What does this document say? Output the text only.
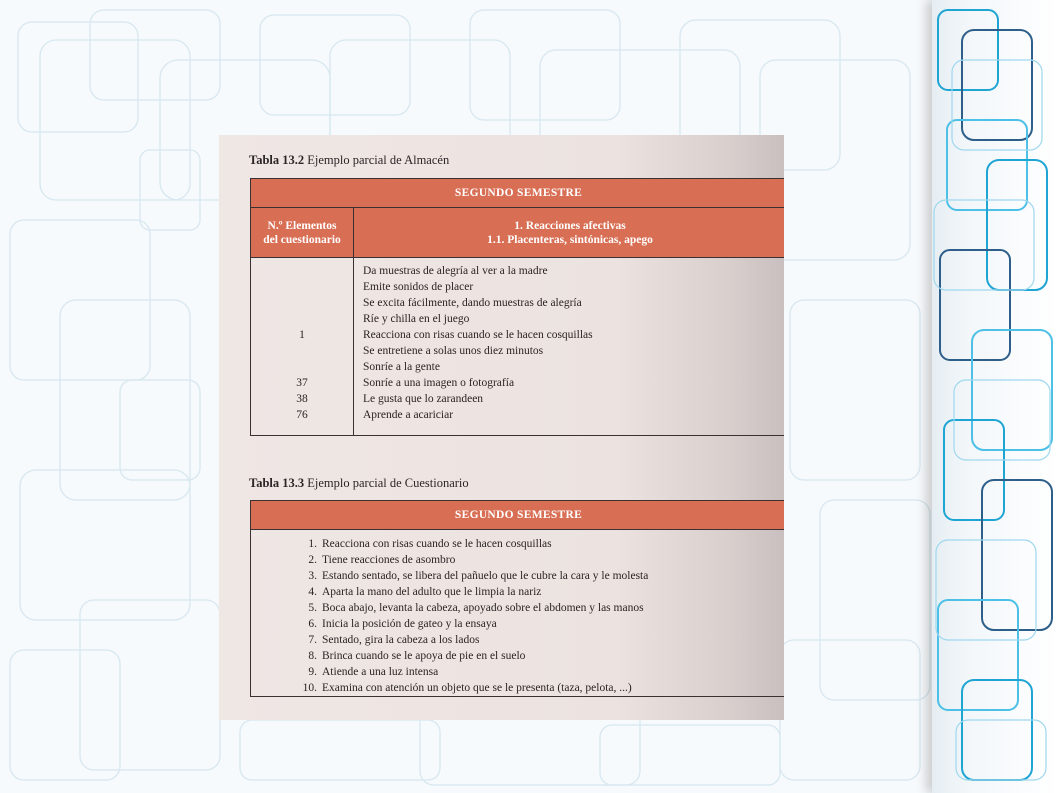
Tabla 13.2 Ejemplo parcial de Almacén
SEGUNDO SEMESTRE
N.º Elementos
del cuestionario
1. Reacciones afectivas
1.1. Placenteras, sintónicas, apego
1
37
38
76
Da muestras de alegría al ver a la madre
Emite sonidos de placer
Se excita fácilmente, dando muestras de alegría
Ríe y chilla en el juego
Reacciona con risas cuando se le hacen cosquillas
Se entretiene a solas unos diez minutos
Sonríe a la gente
Sonríe a una imagen o fotografía
Le gusta que lo zarandeen
Aprende a acariciar
Tabla 13.3 Ejemplo parcial de Cuestionario
SEGUNDO SEMESTRE
1. Reacciona con risas cuando se le hacen cosquillas
2. Tiene reacciones de asombro
3. Estando sentado, se libera del pañuelo que le cubre la cara y le molesta
4. Aparta la mano del adulto que le limpia la nariz
5. Boca abajo, levanta la cabeza, apoyado sobre el abdomen y las manos
6. Inicia la posición de gateo y la ensaya
7. Sentado, gira la cabeza a los lados
8. Brinca cuando se le apoya de pie en el suelo
9. Atiende a una luz intensa
10. Examina con atención un objeto que se le presenta (taza, pelota, ...)
